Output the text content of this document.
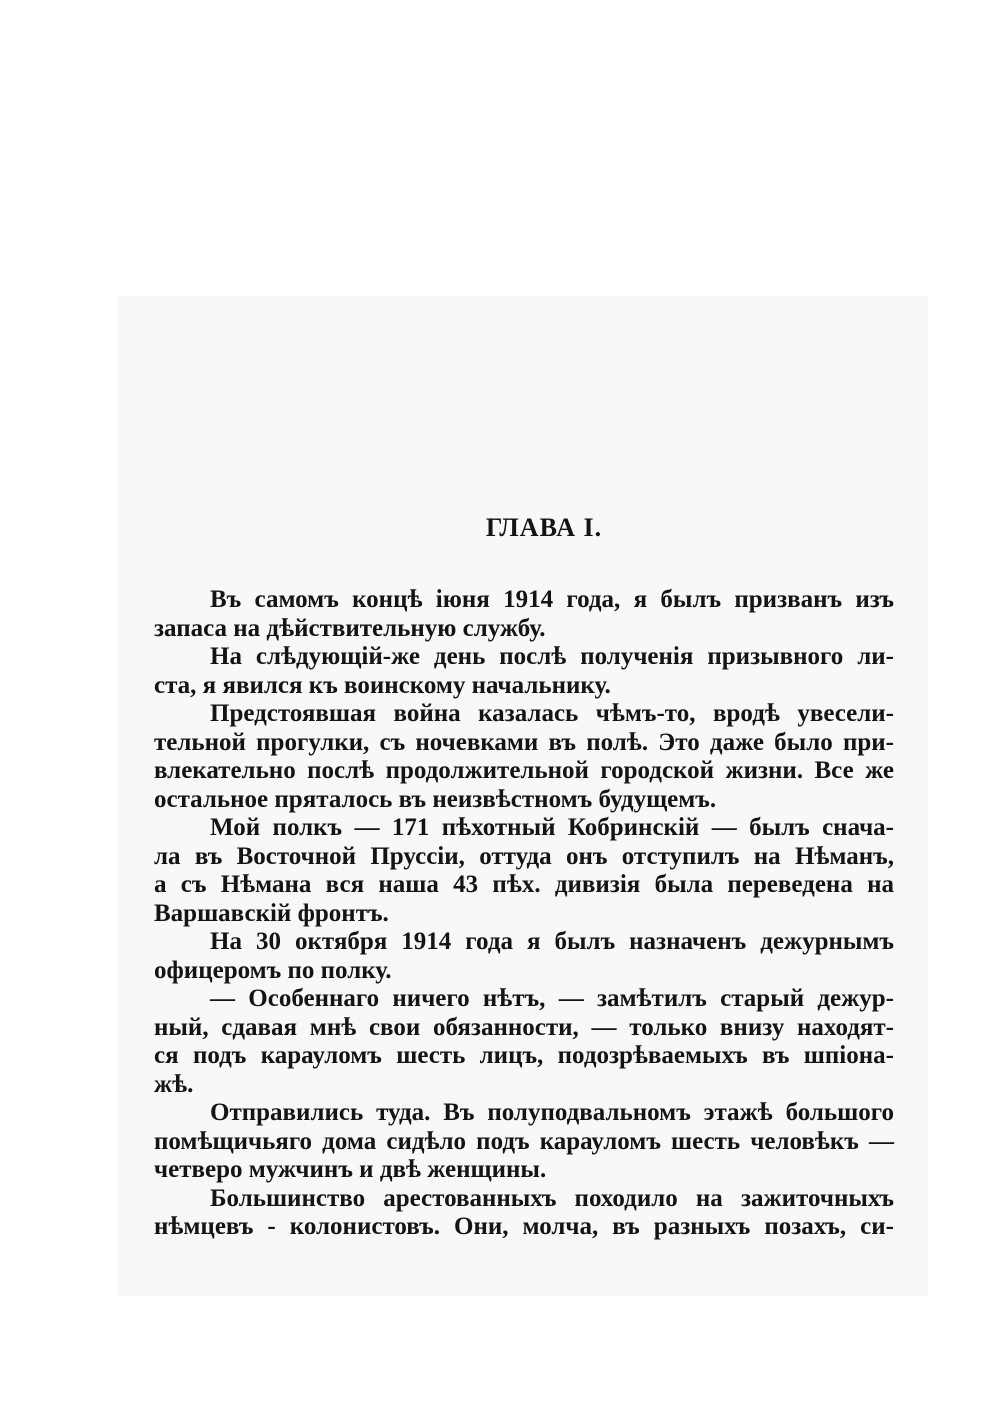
ГЛАВА I.
Въ самомъ концѣ іюня 1914 года, я былъ призванъ изъ
запаса на дѣйствительную службу.
На слѣдующій-же день послѣ полученія призывного ли-
ста, я явился къ воинскому начальнику.
Предстоявшая война казалась чѣмъ-то, вродѣ увесели-
тельной прогулки, съ ночевками въ полѣ. Это даже было при-
влекательно послѣ продолжительной городской жизни. Все же
остальное пряталось въ неизвѣстномъ будущемъ.
Мой полкъ — 171 пѣхотный Кобринскій — былъ снача-
ла въ Восточной Пруссіи, оттуда онъ отступилъ на Нѣманъ,
а съ Нѣмана вся наша 43 пѣх. дивизія была переведена на
Варшавскій фронтъ.
На 30 октября 1914 года я былъ назначенъ дежурнымъ
офицеромъ по полку.
— Особеннаго ничего нѣтъ, — замѣтилъ старый дежур-
ный, сдавая мнѣ свои обязанности, — только внизу находят-
ся подъ карауломъ шесть лицъ, подозрѣваемыхъ въ шпіона-
жѣ.
Отправились туда. Въ полуподвальномъ этажѣ большого
помѣщичьяго дома сидѣло подъ карауломъ шесть человѣкъ —
четверо мужчинъ и двѣ женщины.
Большинство арестованныхъ походило на зажиточныхъ
нѣмцевъ - колонистовъ. Они, молча, въ разныхъ позахъ, си-
